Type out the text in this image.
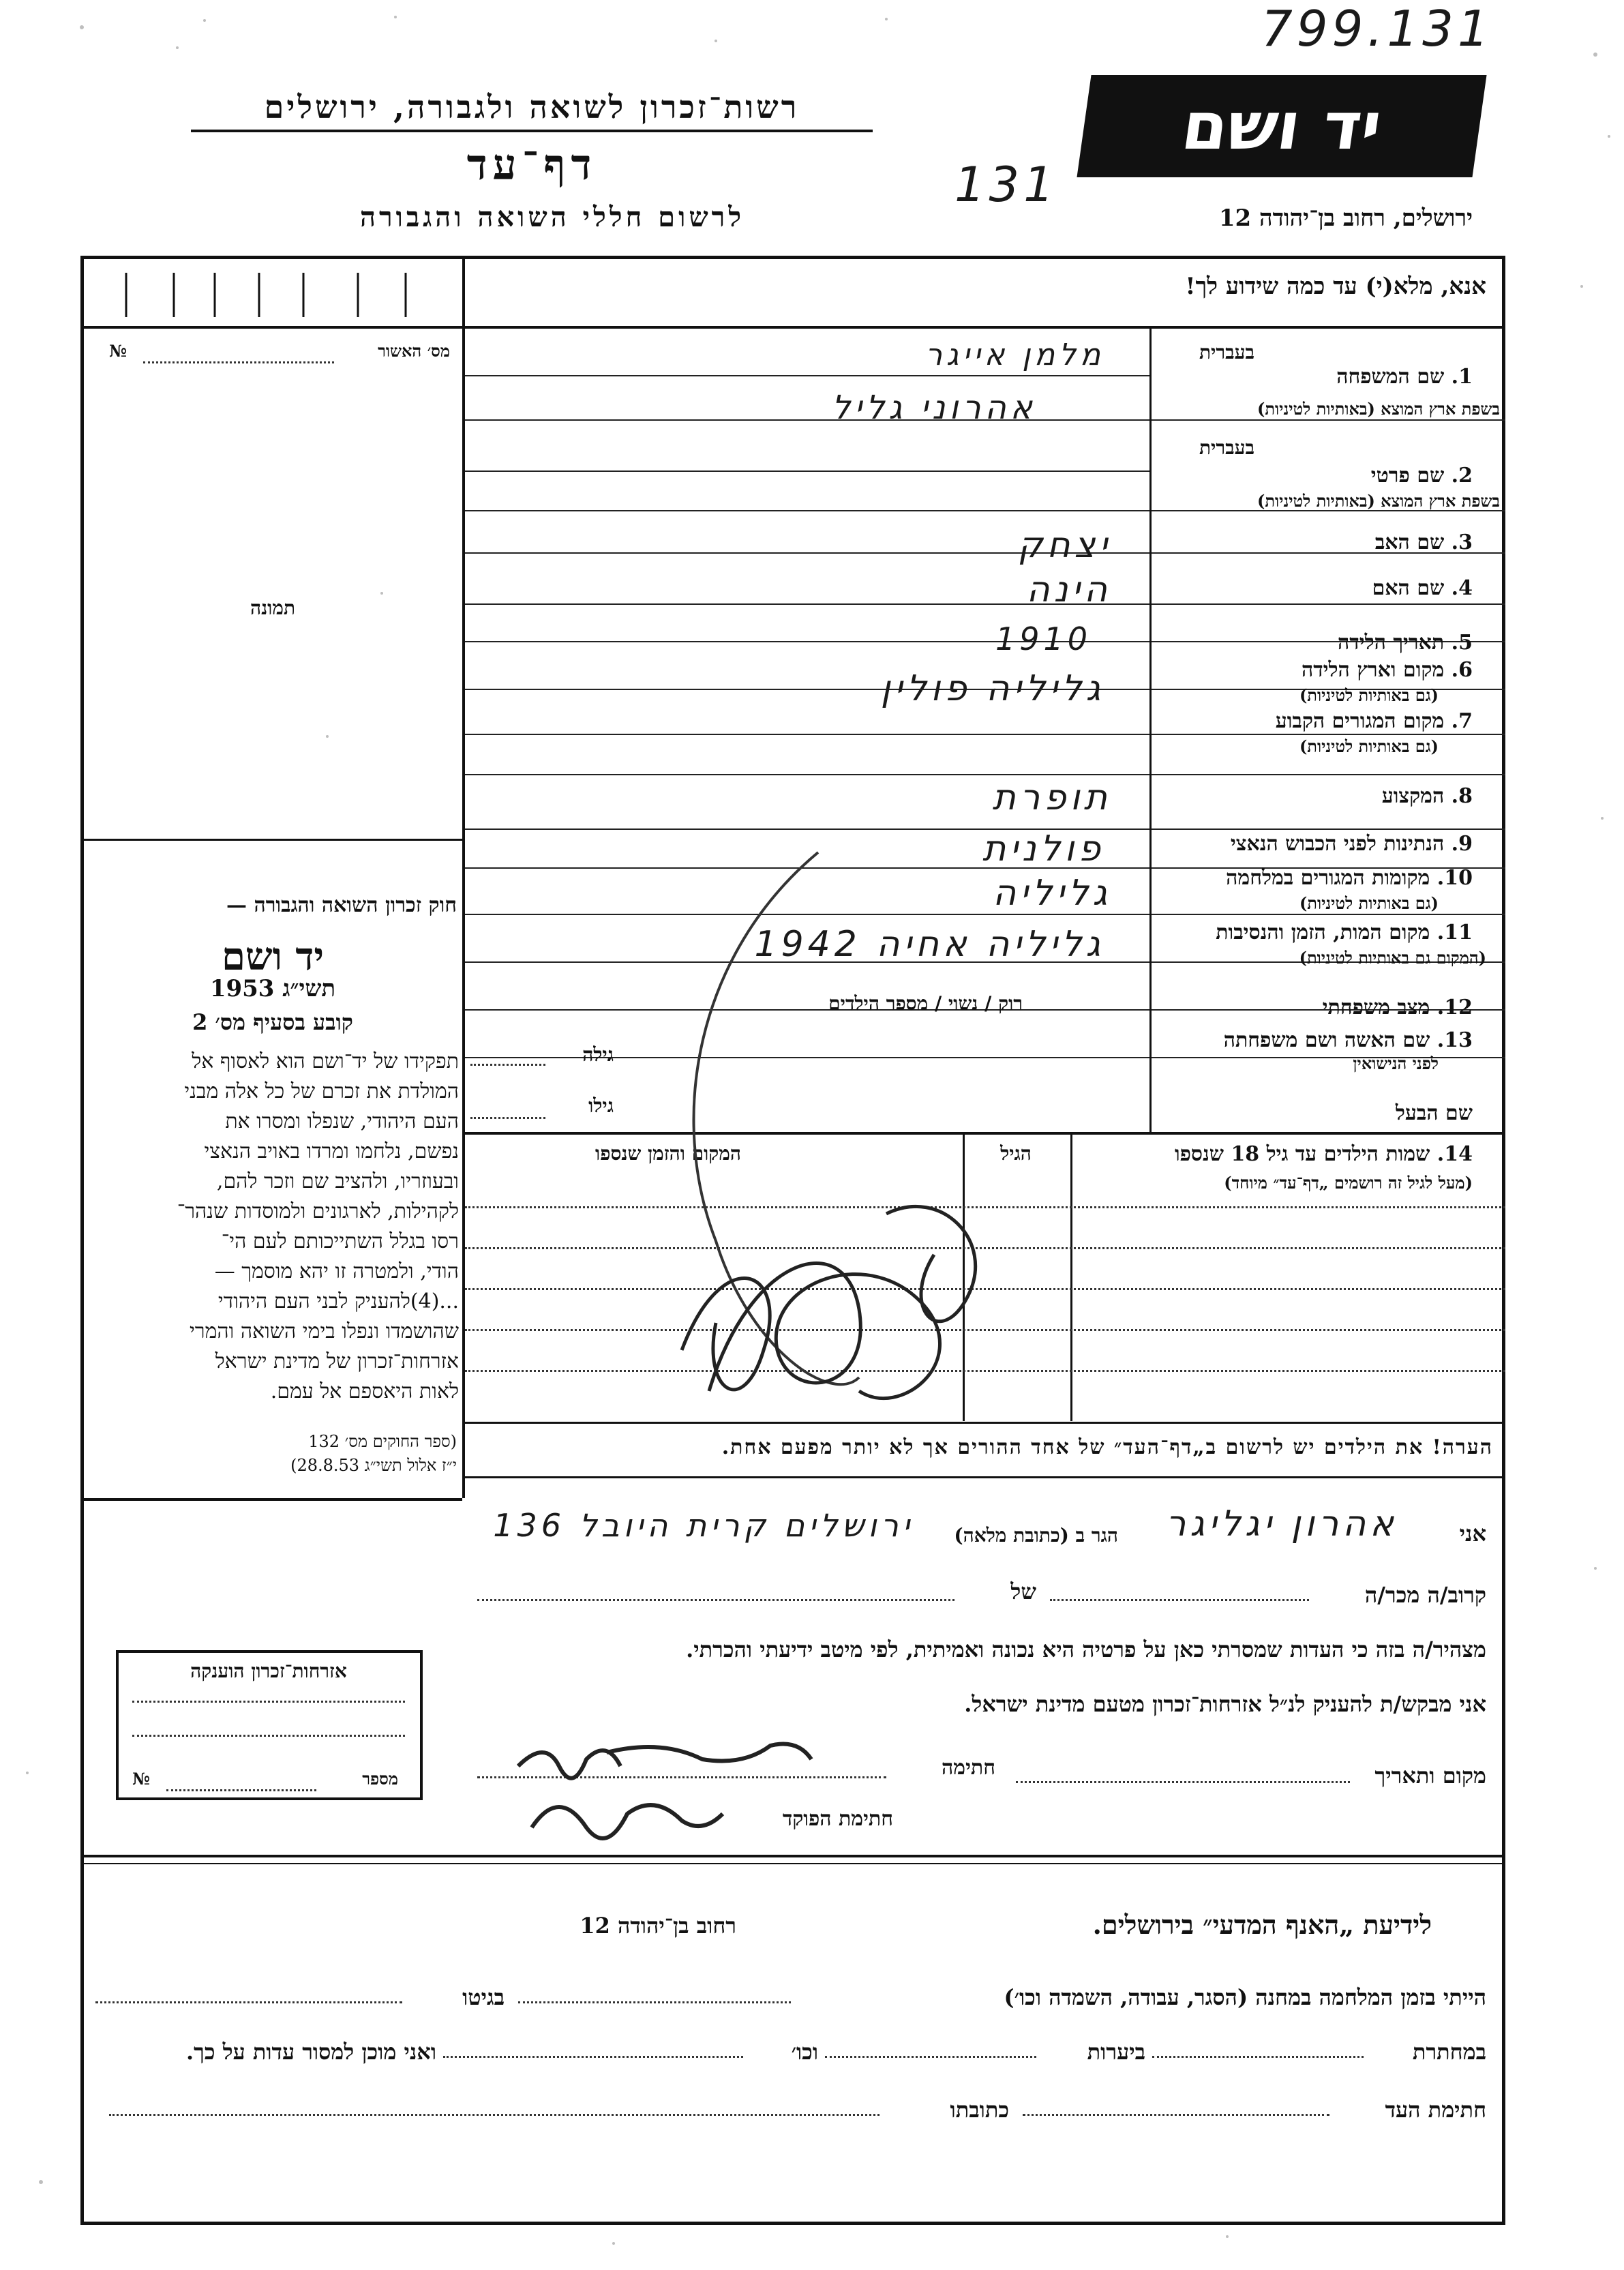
799.131
רשות־זכרון לשואה ולגבורה, ירושלים
דף־עד
לרשום חללי השואה והגבורה
יד ושם
ירושלים, רחוב בן־יהודה 12
131
אנא, מלא(י) עד כמה שידוע לך!
№	מס׳ האשור
תמונה
בעברית
1. שם המשפחה
בשפת ארץ המוצא (באותיות לטיניות)
מלמן אייגר
אהרוני גליל
בעברית
2. שם פרטי
בשפת ארץ המוצא (באותיות לטיניות)
3. שם האב
יצחק
4. שם האם
הינה
5. תאריך הלידה
1910
6. מקום וארץ הלידה
(גם באותיות לטיניות)
גליליה פולין
7. מקום המגורים הקבוע
(גם באותיות לטיניות)
8. המקצוע
תופרת
9. הנתינות לפני הכבוש הנאצי
פולנית
10. מקומות המגורים במלחמה
(גם באותיות לטיניות)
גליליה
11. מקום המות, הזמן והנסיבות
(המקום גם באותיות לטיניות)
גליליה אחיה 1942
12. מצב משפחתי
רוק / נשוי / מספר הילדים
13. שם האשה ושם משפחתה
לפני הנישואין
גילה
שם הבעל
גילו
14. שמות הילדים עד גיל 18 שנספו
(מעל לגיל זה רושמים „דף־עד״ מיוחד)
הגיל
המקום והזמן שנספו
הערה! את הילדים יש לרשום ב„דף־העד״ של אחד ההורים אך לא יותר מפעם אחת.
חוק זכרון השואה והגבורה —
יד ושם
תשי״ג 1953
קובע בסעיף מס׳ 2
תפקידו של יד־ושם הוא לאסוף אל
המולדת את זכרם של כל אלה מבני
העם היהודי, שנפלו ומסרו את
נפשם, נלחמו ומרדו באויב הנאצי
ובעוזריו, ולהציב שם וזכר להם,
לקהילות, לארגונים ולמוסדות שנהר־
רסו בגלל השתייכותם לעם הי־
הודי, ולמטרה זו יהא מוסמך —
...(4)להעניק לבני העם היהודי
שהושמדו ונפלו בימי השואה והמרי
אזרחות־זכרון של מדינת ישראל
לאות היאספם אל עמם.
(ספר החוקים מס׳ 132
י״ז אלול תשי״ג 28.8.53)
אני
אהרון יגליגר
הגר ב (כתובת מלאה)
ירושלים קרית היובל 136
קרוב/ה מכר/ה
של
מצהיר/ה בזה כי העדות שמסרתי כאן על פרטיה היא נכונה ואמיתית, לפי מיטב ידיעתי והכרתי.
אני מבקש/ת להעניק לנ״ל אזרחות־זכרון מטעם מדינת ישראל.
מקום ותאריך
חתימה
חתימת הפוקד
אזרחות־זכרון הוענקה
№	מספר
לידיעת „האנף המדעי״ בירושלים.
רחוב בן־יהודה 12
הייתי בזמן המלחמה במחנה (הסגר, עבודה, השמדה וכו׳)
בגיטו
במחתרת
ביערות
וכו׳
ואני מוכן למסור עדות על כך.
חתימת העד
כתובתו
